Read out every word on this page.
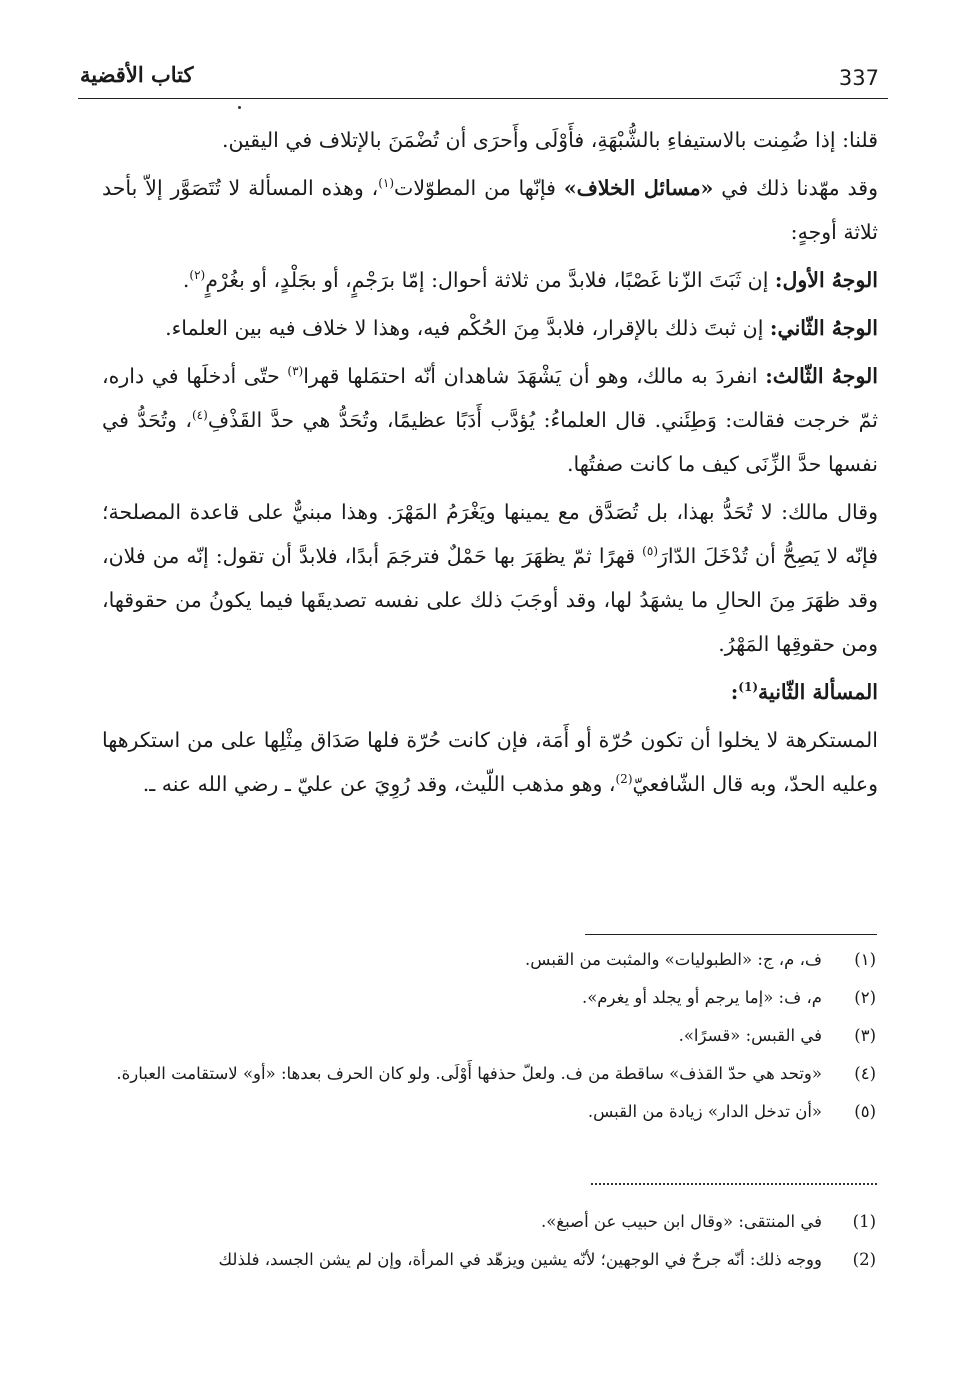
كتاب الأقضية	337

قلنا: إذا ضُمِنت بالاستيفاءِ بالشُّبْهَةِ، فأَوْلَى وأَحرَى أن تُضْمَنَ بالإتلاف في اليقين.

وقد مهّدنا ذلك في «مسائل الخلاف» فإنّها من المطوّلات$^{(١)}$، وهذه المسألة لا تُتَصَوَّر إلاّ بأحد ثلاثة أوجهٍ:

الوجهُ الأول: إن ثَبَتَ الزّنا غَصْبًا، فلابدَّ من ثلاثة أحوال: إمّا برَجْمٍ، أو بجَلْدٍ، أو بغُرْمٍ$^{(٢)}$.

الوجهُ الثّاني: إن ثبتَ ذلك بالإقرار، فلابدَّ مِنَ الحُكْم فيه، وهذا لا خلاف فيه بين العلماء.

الوجهُ الثّالث: انفردَ به مالك، وهو أن يَشْهَدَ شاهدان أنّه احتمَلها قهرا$^{(٣)}$ حتّى أدخلَها في داره، ثمّ خرجت فقالت: وَطِئَني. قال العلماءُ: يُؤدَّب أَدَبًا عظيمًا، وتُحَدُّ هي حدَّ القَذْفِ$^{(٤)}$، وتُحَدُّ في نفسها حدَّ الزِّنَى كيف ما كانت صفتُها.

وقال مالك: لا تُحَدُّ بهذا، بل تُصَدَّق مع يمينها ويَغْرَمُ المَهْرَ. وهذا مبنيٌّ على قاعدة المصلحة؛ فإنّه لا يَصِحُّ أن تُدْخَلَ الدّارَ$^{(٥)}$ قهرًا ثمّ يظهَرَ بها حَمْلٌ فترجَمَ أبدًا، فلابدَّ أن تقول: إنّه من فلان، وقد ظهَرَ مِنَ الحالِ ما يشهَدُ لها، وقد أوجَبَ ذلك على نفسه تصديقَها فيما يكونُ من حقوقها، ومن حقوقِها المَهْرُ.

المسألة الثّانية$^{(1)}$:

المستكرهة لا يخلوا أن تكون حُرّة أو أَمَة، فإن كانت حُرّة فلها صَدَاق مِثْلِها على من استكرهها وعليه الحدّ، وبه قال الشّافعيّ$^{(2)}$، وهو مذهب اللّيث، وقد رُوِيَ عن عليّ ـ رضي الله عنه ـ.

(١)
ف، م، ج: «الطبوليات» والمثبت من القبس.
(٢)
م، ف: «إما يرجم أو يجلد أو يغرم».
(٣)
في القبس: «قسرًا».
(٤)
«وتحد هي حدّ القذف» ساقطة من ف. ولعلّ حذفها أَوْلَى. ولو كان الحرف بعدها: «أو» لاستقامت العبارة.
(٥)
«أن تدخل الدار» زيادة من القبس.
(1)
في المنتقى: «وقال ابن حبيب عن أصبغ».
(2)
ووجه ذلك: أنّه جرحٌ في الوجهين؛ لأنّه يشين ويزهّد في المرأة، وإن لم يشن الجسد، فلذلك
